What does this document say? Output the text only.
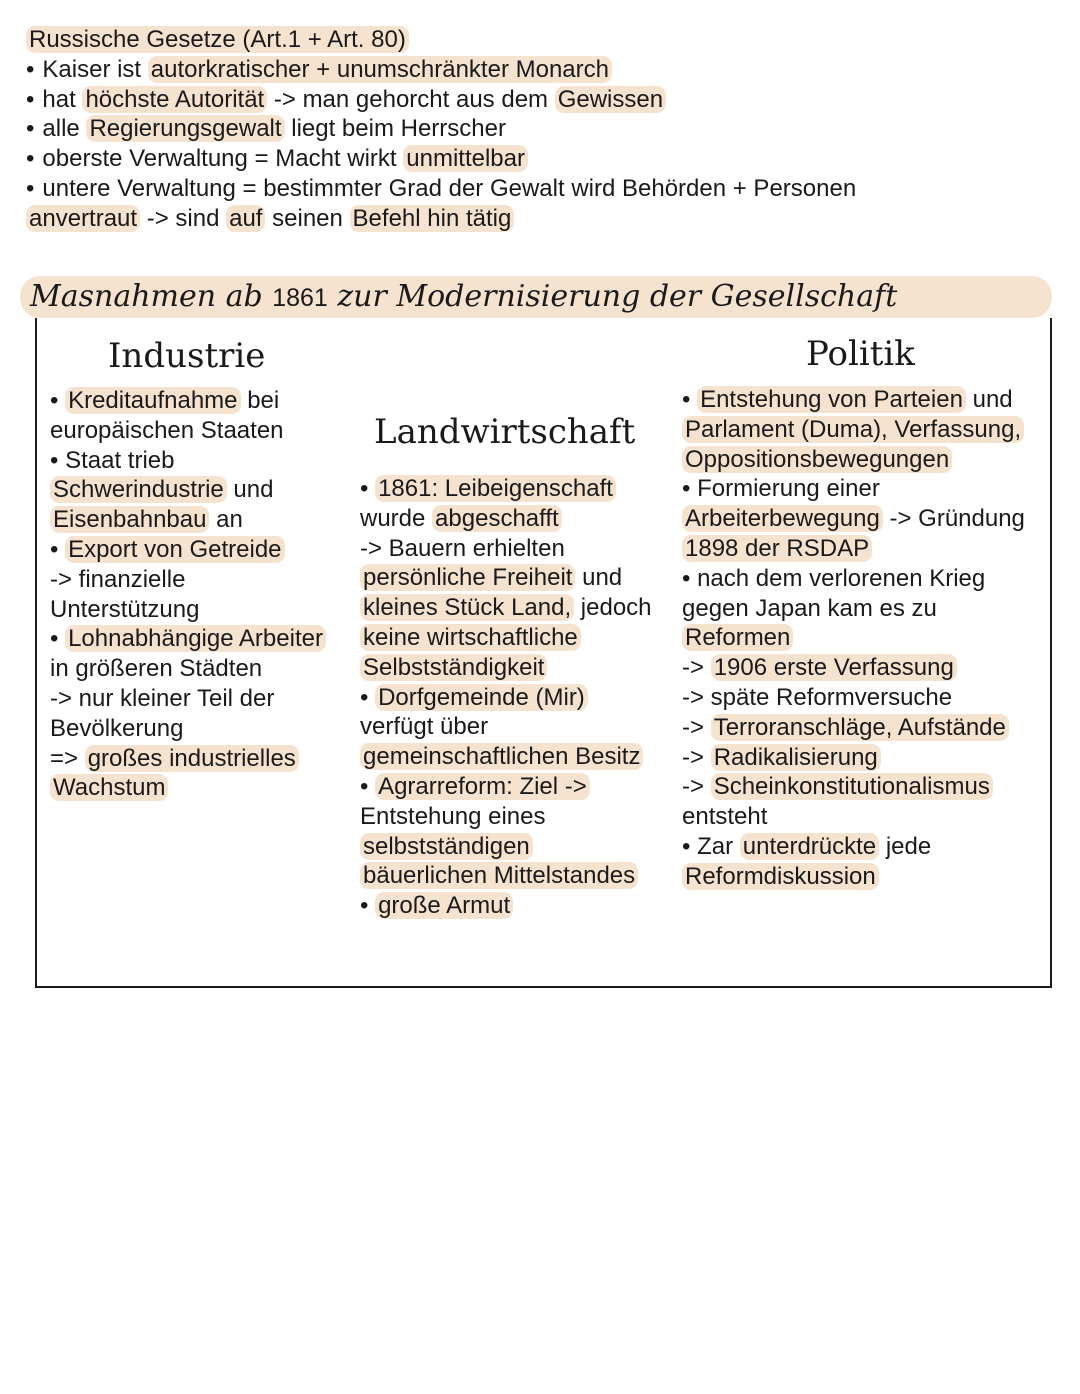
Russische Gesetze (Art.1 + Art. 80)
• Kaiser ist autorkratischer + unumschränkter Monarch
• hat höchste Autorität -> man gehorcht aus dem Gewissen
• alle Regierungsgewalt liegt beim Herrscher
• oberste Verwaltung = Macht wirkt unmittelbar
• untere Verwaltung = bestimmter Grad der Gewalt wird Behörden + Personen
anvertraut -> sind auf seinen Befehl hin tätig
Masnahmen ab 1861 zur Modernisierung der Gesellschaft
Industrie
Landwirtschaft
Politik
• Kreditaufnahme bei
europäischen Staaten
• Staat trieb
Schwerindustrie und
Eisenbahnbau an
• Export von Getreide
-> finanzielle
Unterstützung
• Lohnabhängige Arbeiter
in größeren Städten
-> nur kleiner Teil der
Bevölkerung
=> großes industrielles
Wachstum
• 1861: Leibeigenschaft
wurde abgeschafft
-> Bauern erhielten
persönliche Freiheit und
kleines Stück Land, jedoch
keine wirtschaftliche
Selbstständigkeit
• Dorfgemeinde (Mir)
verfügt über
gemeinschaftlichen Besitz
• Agrarreform: Ziel ->
Entstehung eines
selbstständigen
bäuerlichen Mittelstandes
• große Armut
• Entstehung von Parteien und
Parlament (Duma), Verfassung,
Oppositionsbewegungen
• Formierung einer
Arbeiterbewegung -> Gründung
1898 der RSDAP
• nach dem verlorenen Krieg
gegen Japan kam es zu
Reformen
-> 1906 erste Verfassung
-> späte Reformversuche
-> Terroranschläge, Aufstände
-> Radikalisierung
-> Scheinkonstitutionalismus
entsteht
• Zar unterdrückte jede
Reformdiskussion
